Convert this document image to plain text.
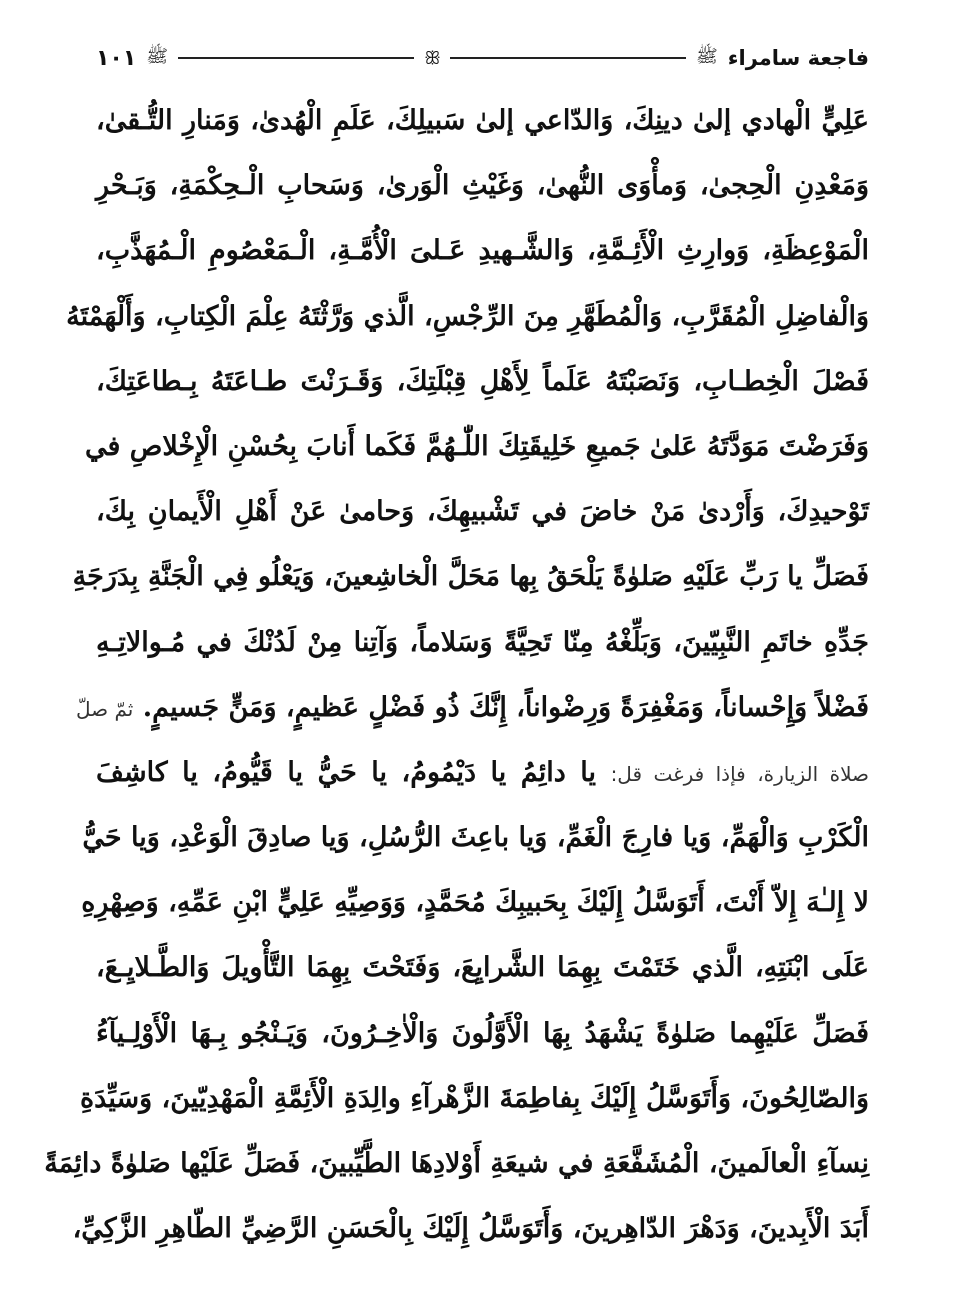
فاجعة سامراء
ﷺ
ꕥ
ﷺ
١٠١
عَلِيٍّ الْهادي إلىٰ دينِكَ، وَالدّاعي إلىٰ سَبيلِكَ، عَلَمِ الْهُدىٰ، وَمَنارِ التُّـقىٰ،
وَمَعْدِنِ الْحِجىٰ، وَمأْوَى النُّهىٰ، وَغَيْثِ الْوَرىٰ، وَسَحابِ الْـحِكْمَةِ، وَبَـحْرِ
الْمَوْعِظَةِ، وَوارِثِ الْأَئِـمَّةِ، وَالشَّـهيدِ عَـلىَ الْأُمَّـةِ، الْـمَعْصُومِ الْـمُهَذَّبِ،
وَالْفاضِلِ الْمُقَرَّبِ، وَالْمُطَهَّرِ مِنَ الرِّجْسِ، الَّذي وَرَّثْتَهُ عِلْمَ الْكِتابِ، وَأَلْهَمْتَهُ
فَصْلَ الْخِطـابِ، وَنَصَبْتَهُ عَلَماً لِأَهْلِ قِبْلَتِكَ، وَقَـرَنْتَ طـاعَتَهُ بِـطاعَتِكَ،
وَفَرَضْتَ مَوَدَّتَهُ عَلىٰ جَميعِ خَلِيقَتِكَ اللّٰـهُمَّ فَكَما أَنابَ بِحُسْنِ الْإِخْلاصِ في
تَوْحيدِكَ، وَأَرْدىٰ مَنْ خاضَ في تَشْبيهِكَ، وَحامىٰ عَنْ أَهْلِ الْأَيمانِ بِكَ،
فَصَلِّ يا رَبِّ عَلَيْهِ صَلوٰةً يَلْحَقُ بِها مَحَلَّ الْخاشِعينَ، وَيَعْلُو فِي الْجَنَّةِ بِدَرَجَةِ
جَدِّهِ خاتَمِ النَّبِيّينَ، وَبَلِّغْهُ مِنّا تَحِيَّةً وَسَلاماً، وَآتِنا مِنْ لَدُنْكَ في مُـوالاتِـهِ
فَضْلاً وَإِحْساناً، وَمَغْفِرَةً وَرِضْواناً، إِنَّكَ ذُو فَضْلٍ عَظيمٍ، وَمَنٍّ جَسيمٍ. ثمّ صلّ
صلاة الزيارة، فإذا فرغت قل: يا دائِمُ يا دَيْمُومُ، يا حَيُّ يا قَيُّومُ، يا كاشِفَ
الْكَرْبِ وَالْهَمِّ، وَيا فارِجَ الْغَمِّ، وَيا باعِثَ الرُّسُلِ، وَيا صادِقَ الْوَعْدِ، وَيا حَيُّ
لا إِلـٰهَ إِلاّ أَنْتَ، أَتَوَسَّلُ إِلَيْكَ بِحَبيبِكَ مُحَمَّدٍ، وَوَصِيِّهِ عَلِيٍّ ابْنِ عَمِّهِ، وَصِهْرِهِ
عَلَى ابْنَتِهِ، الَّذي خَتَمْتَ بِهِمَا الشَّرايِعَ، وَفَتَحْتَ بِهِمَا التَّأْويلَ وَالطَّـلايِـعَ،
فَصَلِّ عَلَيْهِما صَلوٰةً يَشْهَدُ بِهَا الْأَوَّلُونَ وَالْاٰخِـرُونَ، وَيَـنْجُو بِـهَا الْأَوْلِـيآءُ
وَالصّالِحُونَ، وَأَتَوَسَّلُ إِلَيْكَ بِفاطِمَةَ الزَّهْرآءِ والِدَةِ الْأَئِمَّةِ الْمَهْدِيّينَ، وَسَيِّدَةِ
نِسآءِ الْعالَمينَ، الْمُشَفَّعَةِ في شيعَةِ أَوْلادِهَا الطَّيِّبينَ، فَصَلِّ عَلَيْها صَلوٰةً دائِمَةً
أَبَدَ الْأَبِدينَ، وَدَهْرَ الدّاهِرينَ، وَأَتَوَسَّلُ إِلَيْكَ بِالْحَسَنِ الرَّضِيِّ الطّاهِرِ الزَّكِيِّ،
